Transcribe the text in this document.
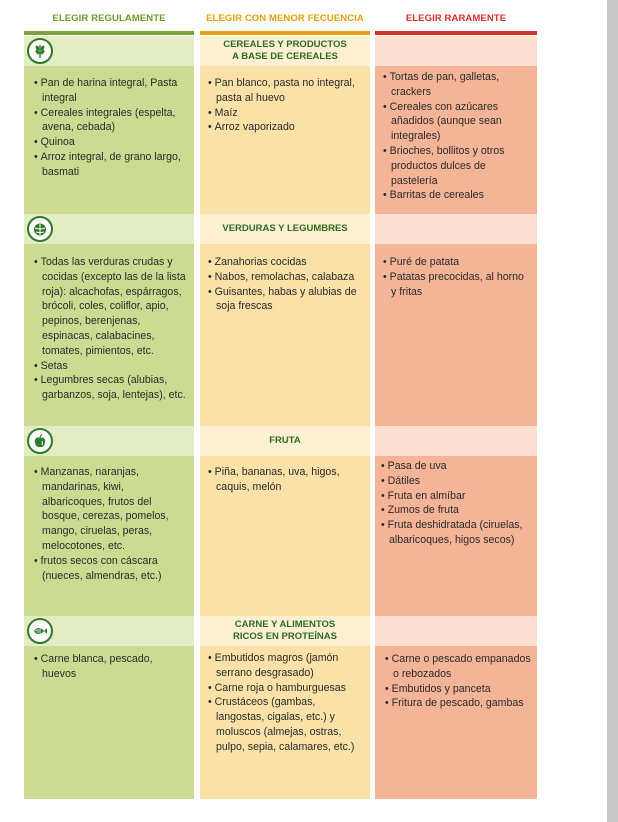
ELEGIR REGULAMENTE	ELEGIR CON MENOR FECUENCIA	ELEGIR RARAMENTE
CEREALES Y PRODUCTOS
A BASE DE CEREALES
• Pan de harina integral, Pasta integral
• Cereales integrales (espelta, avena, cebada)
• Quinoa
• Arroz integral, de grano largo, basmati
• Pan blanco, pasta no integral, pasta al huevo
• Maíz
• Arroz vaporizado
• Tortas de pan, galletas, crackers
• Cereales con azúcares añadidos (aunque sean integrales)
• Brioches, bollitos y otros productos dulces de pastelería
• Barritas de cereales
VERDURAS Y LEGUMBRES
• Todas las verduras crudas y cocidas (excepto las de la lista roja): alcachofas, espárragos, brócoli, coles, coliflor, apio, pepinos, berenjenas, espinacas, calabacines, tomates, pimientos, etc.
• Setas
• Legumbres secas (alubias, garbanzos, soja, lentejas), etc.
• Zanahorias cocidas
• Nabos, remolachas, calabaza
• Guisantes, habas y alubias de soja frescas
• Puré de patata
• Patatas precocidas, al horno y fritas
FRUTA
• Manzanas, naranjas, mandarinas, kiwi, albaricoques, frutos del bosque, cerezas, pomelos, mango, ciruelas, peras, melocotones, etc.
• frutos secos con cáscara (nueces, almendras, etc.)
• Piña, bananas, uva, higos, caquis, melón
• Pasa de uva
• Dátiles
• Fruta en almíbar
• Zumos de fruta
• Fruta deshidratada (ciruelas, albaricoques, higos secos)
CARNE Y ALIMENTOS
RICOS EN PROTEÍNAS
• Carne blanca, pescado, huevos
• Embutidos magros (jamón serrano desgrasado)
• Carne roja o hamburguesas
• Crustáceos (gambas, langostas, cigalas, etc.) y moluscos (almejas, ostras, pulpo, sepia, calamares, etc.)
• Carne o pescado empanados o rebozados
• Embutidos y panceta
• Fritura de pescado, gambas
